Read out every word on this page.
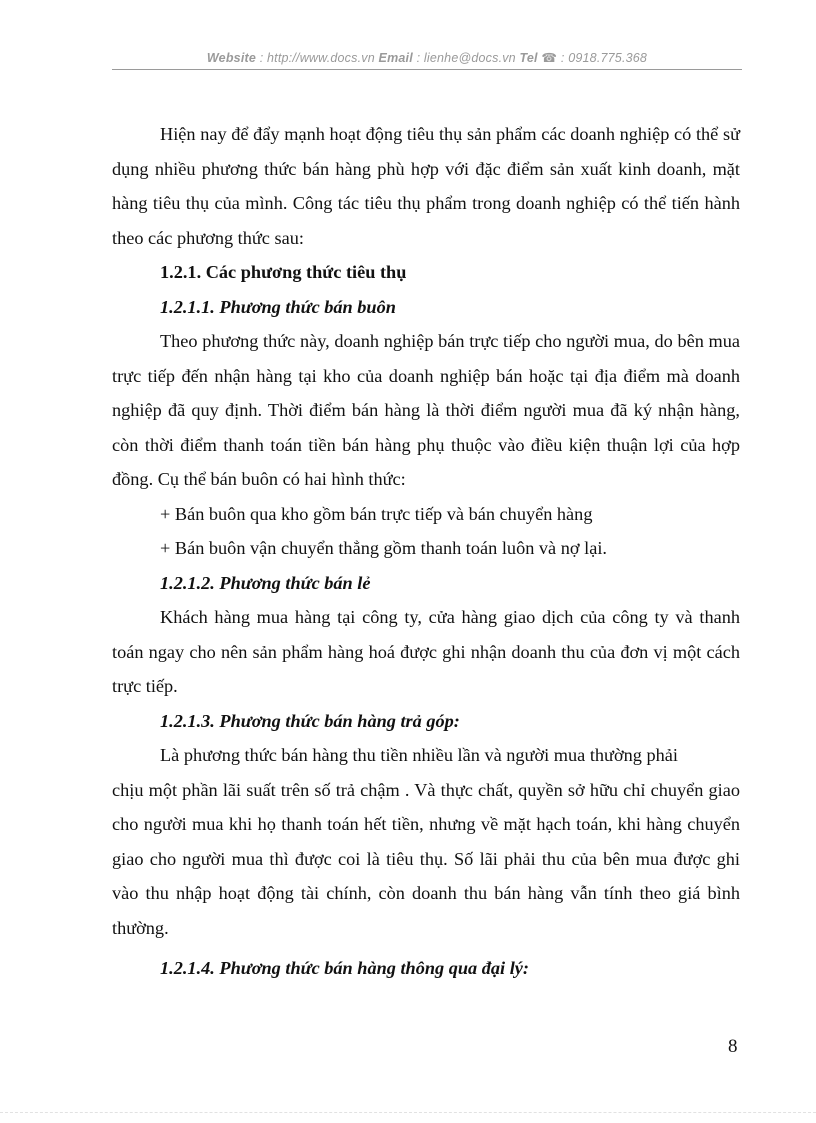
Website : http://www.docs.vn Email : lienhe@docs.vn Tel ☎ : 0918.775.368

Hiện nay để đẩy mạnh hoạt động tiêu thụ sản phẩm các doanh nghiệp có thể sử dụng nhiều phương thức bán hàng phù hợp với đặc điểm sản xuất kinh doanh, mặt hàng tiêu thụ của mình. Công tác tiêu thụ phẩm trong doanh nghiệp có thể tiến hành theo các phương thức sau:

1.2.1. Các phương thức tiêu thụ

1.2.1.1. Phương thức bán buôn

Theo phương thức này, doanh nghiệp bán trực tiếp cho người mua, do bên mua trực tiếp đến nhận hàng tại kho của doanh nghiệp bán hoặc tại địa điểm mà doanh nghiệp đã quy định. Thời điểm bán hàng là thời điểm người mua đã ký nhận hàng, còn thời điểm thanh toán tiền bán hàng phụ thuộc vào điều kiện thuận lợi của hợp đồng. Cụ thể bán buôn có hai hình thức:

+ Bán buôn qua kho gồm bán trực tiếp và bán chuyển hàng

+ Bán buôn vận chuyển thẳng gồm thanh toán luôn và nợ lại.

1.2.1.2. Phương thức bán lẻ

Khách hàng mua hàng tại công ty, cửa hàng giao dịch của công ty và thanh toán ngay cho nên sản phẩm hàng hoá được ghi nhận doanh thu của đơn vị một cách trực tiếp.

1.2.1.3. Phương thức bán hàng trả góp:

Là phương thức bán hàng thu tiền nhiều lần và người mua thường phải

chịu một phần lãi suất trên số trả chậm . Và thực chất, quyền sở hữu chỉ chuyển giao cho người mua khi họ thanh toán hết tiền, nhưng về mặt hạch toán, khi hàng chuyển giao cho người mua thì được coi là tiêu thụ. Số lãi phải thu của bên mua được ghi vào thu nhập hoạt động tài chính, còn doanh thu bán hàng vẫn tính theo giá bình thường.

1.2.1.4. Phương thức bán hàng thông qua đại lý:

8
